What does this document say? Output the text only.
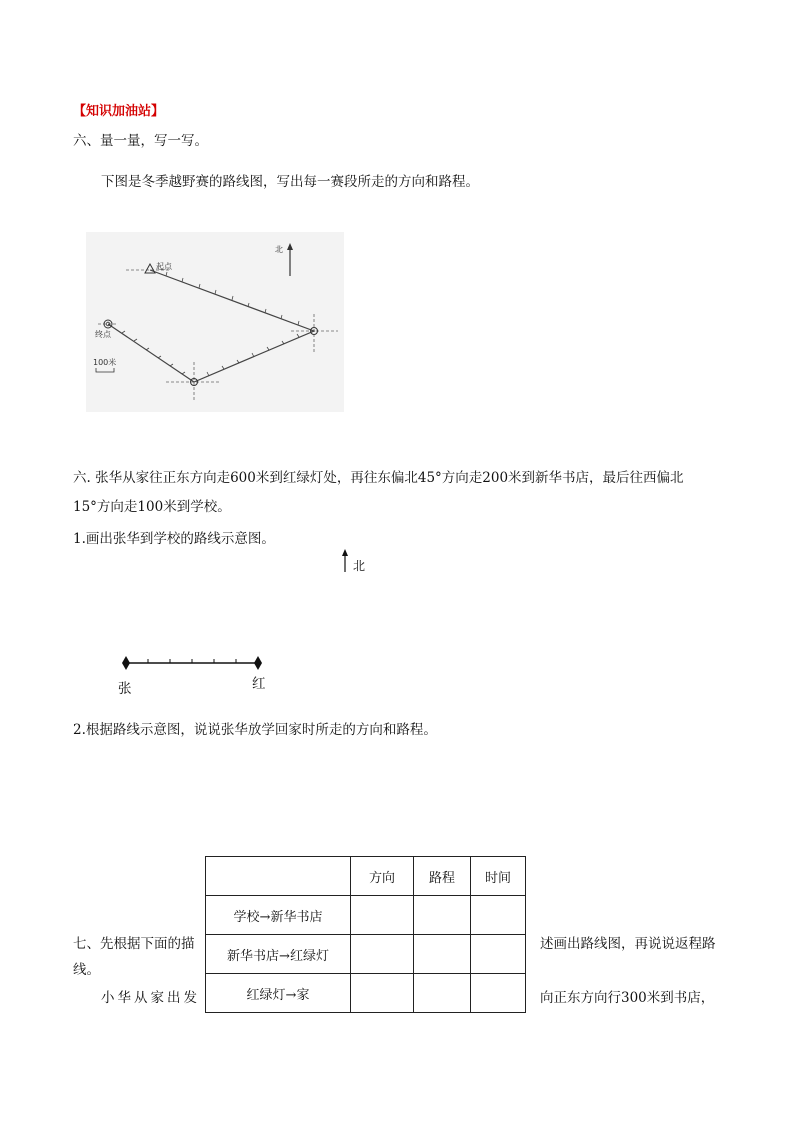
【知识加油站】
六、量一量，写一写。
下图是冬季越野赛的路线图，写出每一赛段所走的方向和路程。
起点
终点
北
100米
六. 张华从家往正东方向走600米到红绿灯处，再往东偏北45°方向走200米到新华书店，最后往西偏北
15°方向走100米到学校。
1.画出张华到学校的路线示意图。
北
张	红
2.根据路线示意图，说说张华放学回家时所走的方向和路程。
	方向	路程	时间
学校→新华书店			
新华书店→红绿灯			
红绿灯→家			
七、先根据下面的描	述画出路线图，再说说返程路
线。
小华从家出发	向正东方向行300米到书店，
